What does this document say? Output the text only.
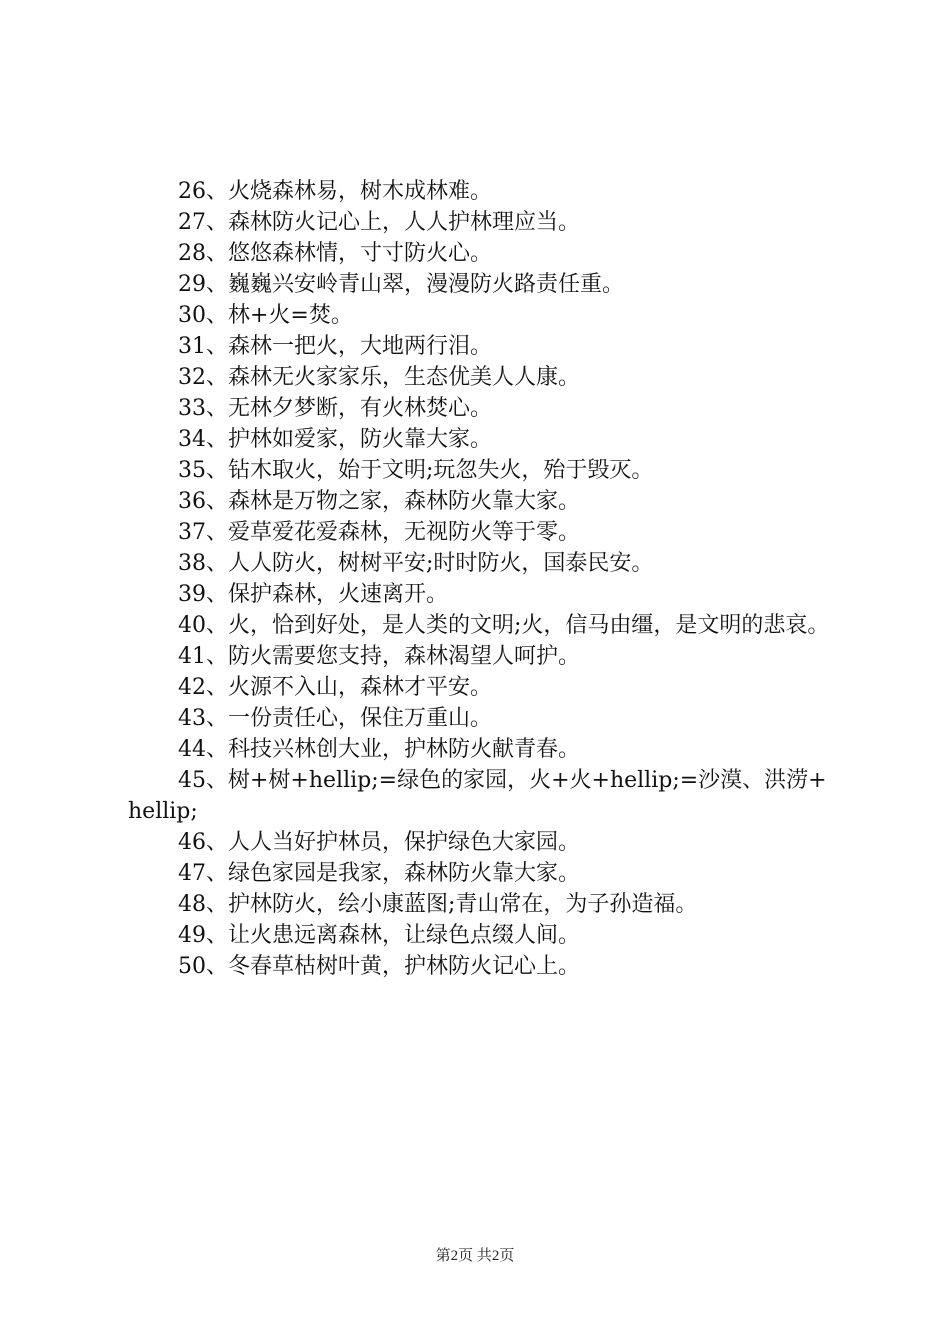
26、火烧森林易，树木成林难。

27、森林防火记心上，人人护林理应当。

28、悠悠森林情，寸寸防火心。

29、巍巍兴安岭青山翠，漫漫防火路责任重。

30、林+火=焚。

31、森林一把火，大地两行泪。

32、森林无火家家乐，生态优美人人康。

33、无林夕梦断，有火林焚心。

34、护林如爱家，防火靠大家。

35、钻木取火，始于文明;玩忽失火，殆于毁灭。

36、森林是万物之家，森林防火靠大家。

37、爱草爱花爱森林，无视防火等于零。

38、人人防火，树树平安;时时防火，国泰民安。

39、保护森林，火速离开。

40、火，恰到好处，是人类的文明;火，信马由缰，是文明的悲哀。

41、防火需要您支持，森林渴望人呵护。

42、火源不入山，森林才平安。

43、一份责任心，保住万重山。

44、科技兴林创大业，护林防火献青春。

45、树+树+hellip;=绿色的家园，火+火+hellip;=沙漠、洪涝+hellip;

46、人人当好护林员，保护绿色大家园。

47、绿色家园是我家，森林防火靠大家。

48、护林防火，绘小康蓝图;青山常在，为子孙造福。

49、让火患远离森林，让绿色点缀人间。

50、冬春草枯树叶黄，护林防火记心上。

第2页 共2页
